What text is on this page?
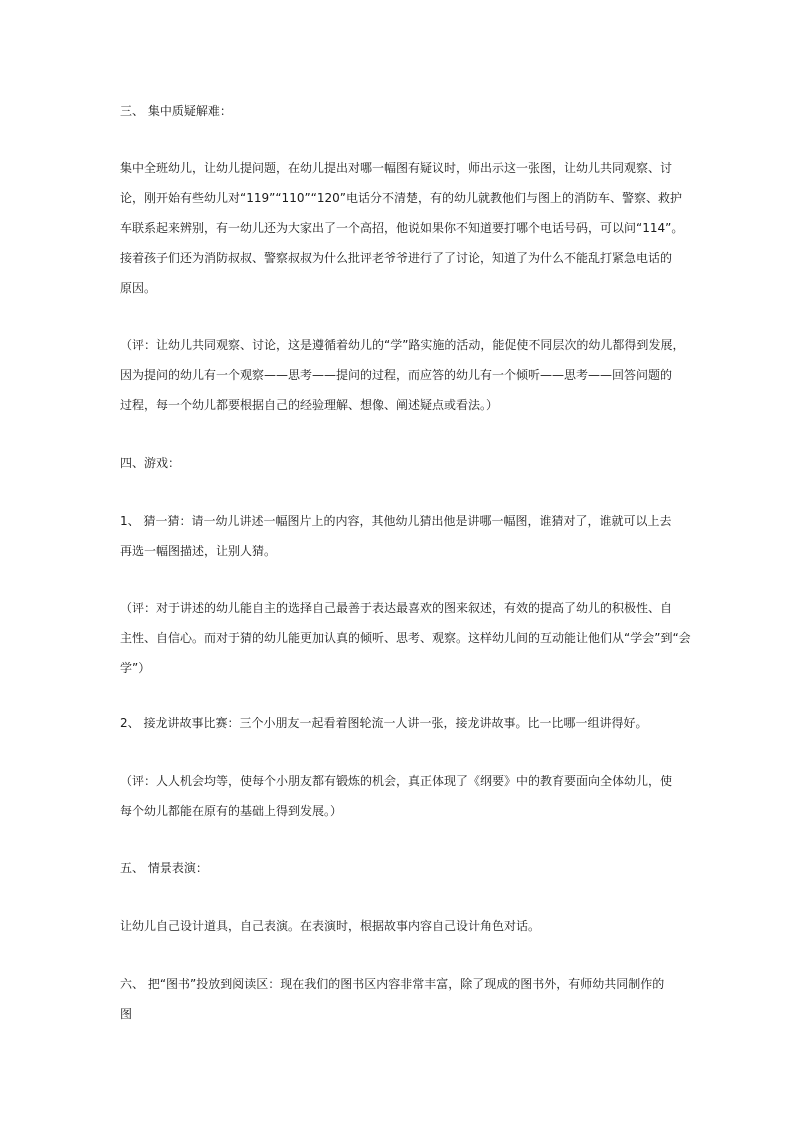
三、 集中质疑解难：

集中全班幼儿，让幼儿提问题，在幼儿提出对哪一幅图有疑议时，师出示这一张图，让幼儿共同观察、讨
论，刚开始有些幼儿对“119”“110”“120”电话分不清楚，有的幼儿就教他们与图上的消防车、警察、救护
车联系起来辨别，有一幼儿还为大家出了一个高招，他说如果你不知道要打哪个电话号码，可以问“114”。
接着孩子们还为消防叔叔、警察叔叔为什么批评老爷爷进行了了讨论，知道了为什么不能乱打紧急电话的
原因。
（评：让幼儿共同观察、讨论，这是遵循着幼儿的“学”路实施的活动，能促使不同层次的幼儿都得到发展，
因为提问的幼儿有一个观察——思考——提问的过程，而应答的幼儿有一个倾听——思考——回答问题的
过程，每一个幼儿都要根据自己的经验理解、想像、阐述疑点或看法。）

四、游戏：

1、 猜一猜：请一幼儿讲述一幅图片上的内容，其他幼儿猜出他是讲哪一幅图，谁猜对了，谁就可以上去
再选一幅图描述，让别人猜。
（评：对于讲述的幼儿能自主的选择自己最善于表达最喜欢的图来叙述，有效的提高了幼儿的积极性、自
主性、自信心。而对于猜的幼儿能更加认真的倾听、思考、观察。这样幼儿间的互动能让他们从“学会”到“会
学”）

2、 接龙讲故事比赛：三个小朋友一起看着图轮流一人讲一张，接龙讲故事。比一比哪一组讲得好。

（评：人人机会均等，使每个小朋友都有锻炼的机会，真正体现了《纲要》中的教育要面向全体幼儿，使
每个幼儿都能在原有的基础上得到发展。）

五、 情景表演：

让幼儿自己设计道具，自己表演。在表演时，根据故事内容自己设计角色对话。

六、 把“图书”投放到阅读区：现在我们的图书区内容非常丰富，除了现成的图书外，有师幼共同制作的图
